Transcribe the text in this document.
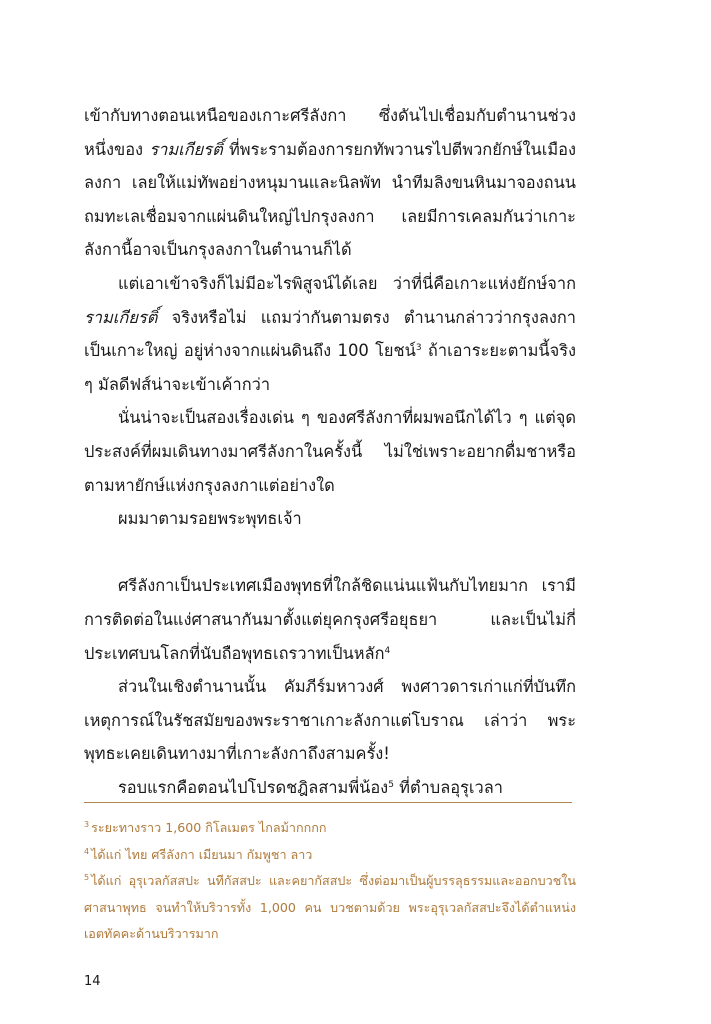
เข้ากับทางตอนเหนือของเกาะศรีลังกา ซึ่งดันไปเชื่อมกับตำนานช่วงหนึ่งของ รามเกียรติ์ ที่พระรามต้องการยกทัพวานรไปตีพวกยักษ์ในเมืองลงกา เลยให้แม่ทัพอย่างหนุมานและนิลพัท นำทีมลิงขนหินมาจองถนน ถมทะเลเชื่อมจากแผ่นดินใหญ่ไปกรุงลงกา เลยมีการเคลมกันว่าเกาะลังกานี้อาจเป็นกรุงลงกาในตำนานก็ได้

แต่เอาเข้าจริงก็ไม่มีอะไรพิสูจน์ได้เลย ว่าที่นี่คือเกาะแห่งยักษ์จาก รามเกียรติ์ จริงหรือไม่ แถมว่ากันตามตรง ตำนานกล่าวว่ากรุงลงกาเป็นเกาะใหญ่ อยู่ห่างจากแผ่นดินถึง 100 โยชน์$^3$ ถ้าเอาระยะตามนี้จริง ๆ มัลดีฟส์น่าจะเข้าเค้ากว่า

นั่นน่าจะเป็นสองเรื่องเด่น ๆ ของศรีลังกาที่ผมพอนึกได้ไว ๆ แต่จุดประสงค์ที่ผมเดินทางมาศรีลังกาในครั้งนี้ ไม่ใช่เพราะอยากดื่มชาหรือตามหายักษ์แห่งกรุงลงกาแต่อย่างใด

ผมมาตามรอยพระพุทธเจ้า

ศรีลังกาเป็นประเทศเมืองพุทธที่ใกล้ชิดแน่นแฟ้นกับไทยมาก เรามีการติดต่อในแง่ศาสนากันมาตั้งแต่ยุคกรุงศรีอยุธยา และเป็นไม่กี่ประเทศบนโลกที่นับถือพุทธเถรวาทเป็นหลัก$^4$

ส่วนในเชิงตำนานนั้น คัมภีร์มหาวงศ์ พงศาวดารเก่าแก่ที่บันทึกเหตุการณ์ในรัชสมัยของพระราชาเกาะลังกาแต่โบราณ เล่าว่า พระพุทธะเคยเดินทางมาที่เกาะลังกาถึงสามครั้ง!

รอบแรกคือตอนไปโปรดชฎิลสามพี่น้อง$^5$ ที่ตำบลอุรุเวลา

$^3$ ระยะทางราว 1,600 กิโลเมตร ไกลม้ากกกก

$^4$ ได้แก่ ไทย ศรีลังกา เมียนมา กัมพูชา ลาว

$^5$ ได้แก่ อุรุเวลกัสสปะ นทีกัสสปะ และคยากัสสปะ ซึ่งต่อมาเป็นผู้บรรลุธรรมและออกบวชในศาสนาพุทธ จนทำให้บริวารทั้ง 1,000 คน บวชตามด้วย พระอุรุเวลกัสสปะจึงได้ตำแหน่งเอตทัคคะด้านบริวารมาก

14
